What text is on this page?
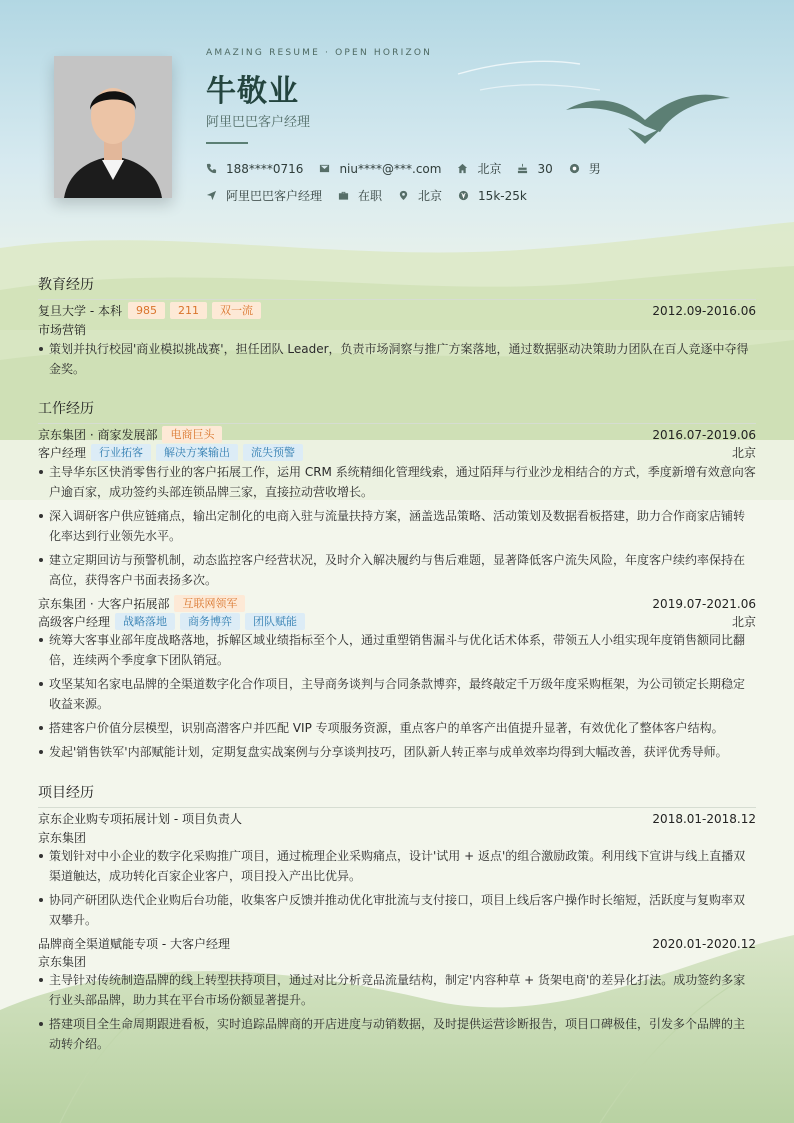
AMAZING RESUME · OPEN HORIZON
牛敬业
阿里巴巴客户经理
188****0716	niu****@***.com	北京	30	男
阿里巴巴客户经理	在职	北京	15k-25k
教育经历
复旦大学 - 本科	985	211	双一流	2012.09-2016.06
市场营销
策划并执行校园'商业模拟挑战赛'，担任团队 Leader，负责市场洞察与推广方案落地，通过数据驱动决策助力团队在百人竞逐中夺得金奖。
工作经历
京东集团 · 商家发展部	电商巨头	2016.07-2019.06
客户经理	行业拓客	解决方案输出	流失预警	北京
主导华东区快消零售行业的客户拓展工作，运用 CRM 系统精细化管理线索，通过陌拜与行业沙龙相结合的方式，季度新增有效意向客户逾百家，成功签约头部连锁品牌三家，直接拉动营收增长。
深入调研客户供应链痛点，输出定制化的电商入驻与流量扶持方案，涵盖选品策略、活动策划及数据看板搭建，助力合作商家店铺转化率达到行业领先水平。
建立定期回访与预警机制，动态监控客户经营状况，及时介入解决履约与售后难题，显著降低客户流失风险，年度客户续约率保持在高位，获得客户书面表扬多次。
京东集团 · 大客户拓展部	互联网领军	2019.07-2021.06
高级客户经理	战略落地	商务博弈	团队赋能	北京
统筹大客事业部年度战略落地，拆解区域业绩指标至个人，通过重塑销售漏斗与优化话术体系，带领五人小组实现年度销售额同比翻倍，连续两个季度拿下团队销冠。
攻坚某知名家电品牌的全渠道数字化合作项目，主导商务谈判与合同条款博弈，最终敲定千万级年度采购框架，为公司锁定长期稳定收益来源。
搭建客户价值分层模型，识别高潜客户并匹配 VIP 专项服务资源，重点客户的单客产出值提升显著，有效优化了整体客户结构。
发起'销售铁军'内部赋能计划，定期复盘实战案例与分享谈判技巧，团队新人转正率与成单效率均得到大幅改善，获评优秀导师。
项目经历
京东企业购专项拓展计划 - 项目负责人	2018.01-2018.12
京东集团
策划针对中小企业的数字化采购推广项目，通过梳理企业采购痛点，设计'试用 + 返点'的组合激励政策。利用线下宣讲与线上直播双渠道触达，成功转化百家企业客户，项目投入产出比优异。
协同产研团队迭代企业购后台功能，收集客户反馈并推动优化审批流与支付接口，项目上线后客户操作时长缩短，活跃度与复购率双双攀升。
品牌商全渠道赋能专项 - 大客户经理	2020.01-2020.12
京东集团
主导针对传统制造品牌的线上转型扶持项目，通过对比分析竞品流量结构，制定'内容种草 + 货架电商'的差异化打法。成功签约多家行业头部品牌，助力其在平台市场份额显著提升。
搭建项目全生命周期跟进看板，实时追踪品牌商的开店进度与动销数据，及时提供运营诊断报告，项目口碑极佳，引发多个品牌的主动转介绍。
